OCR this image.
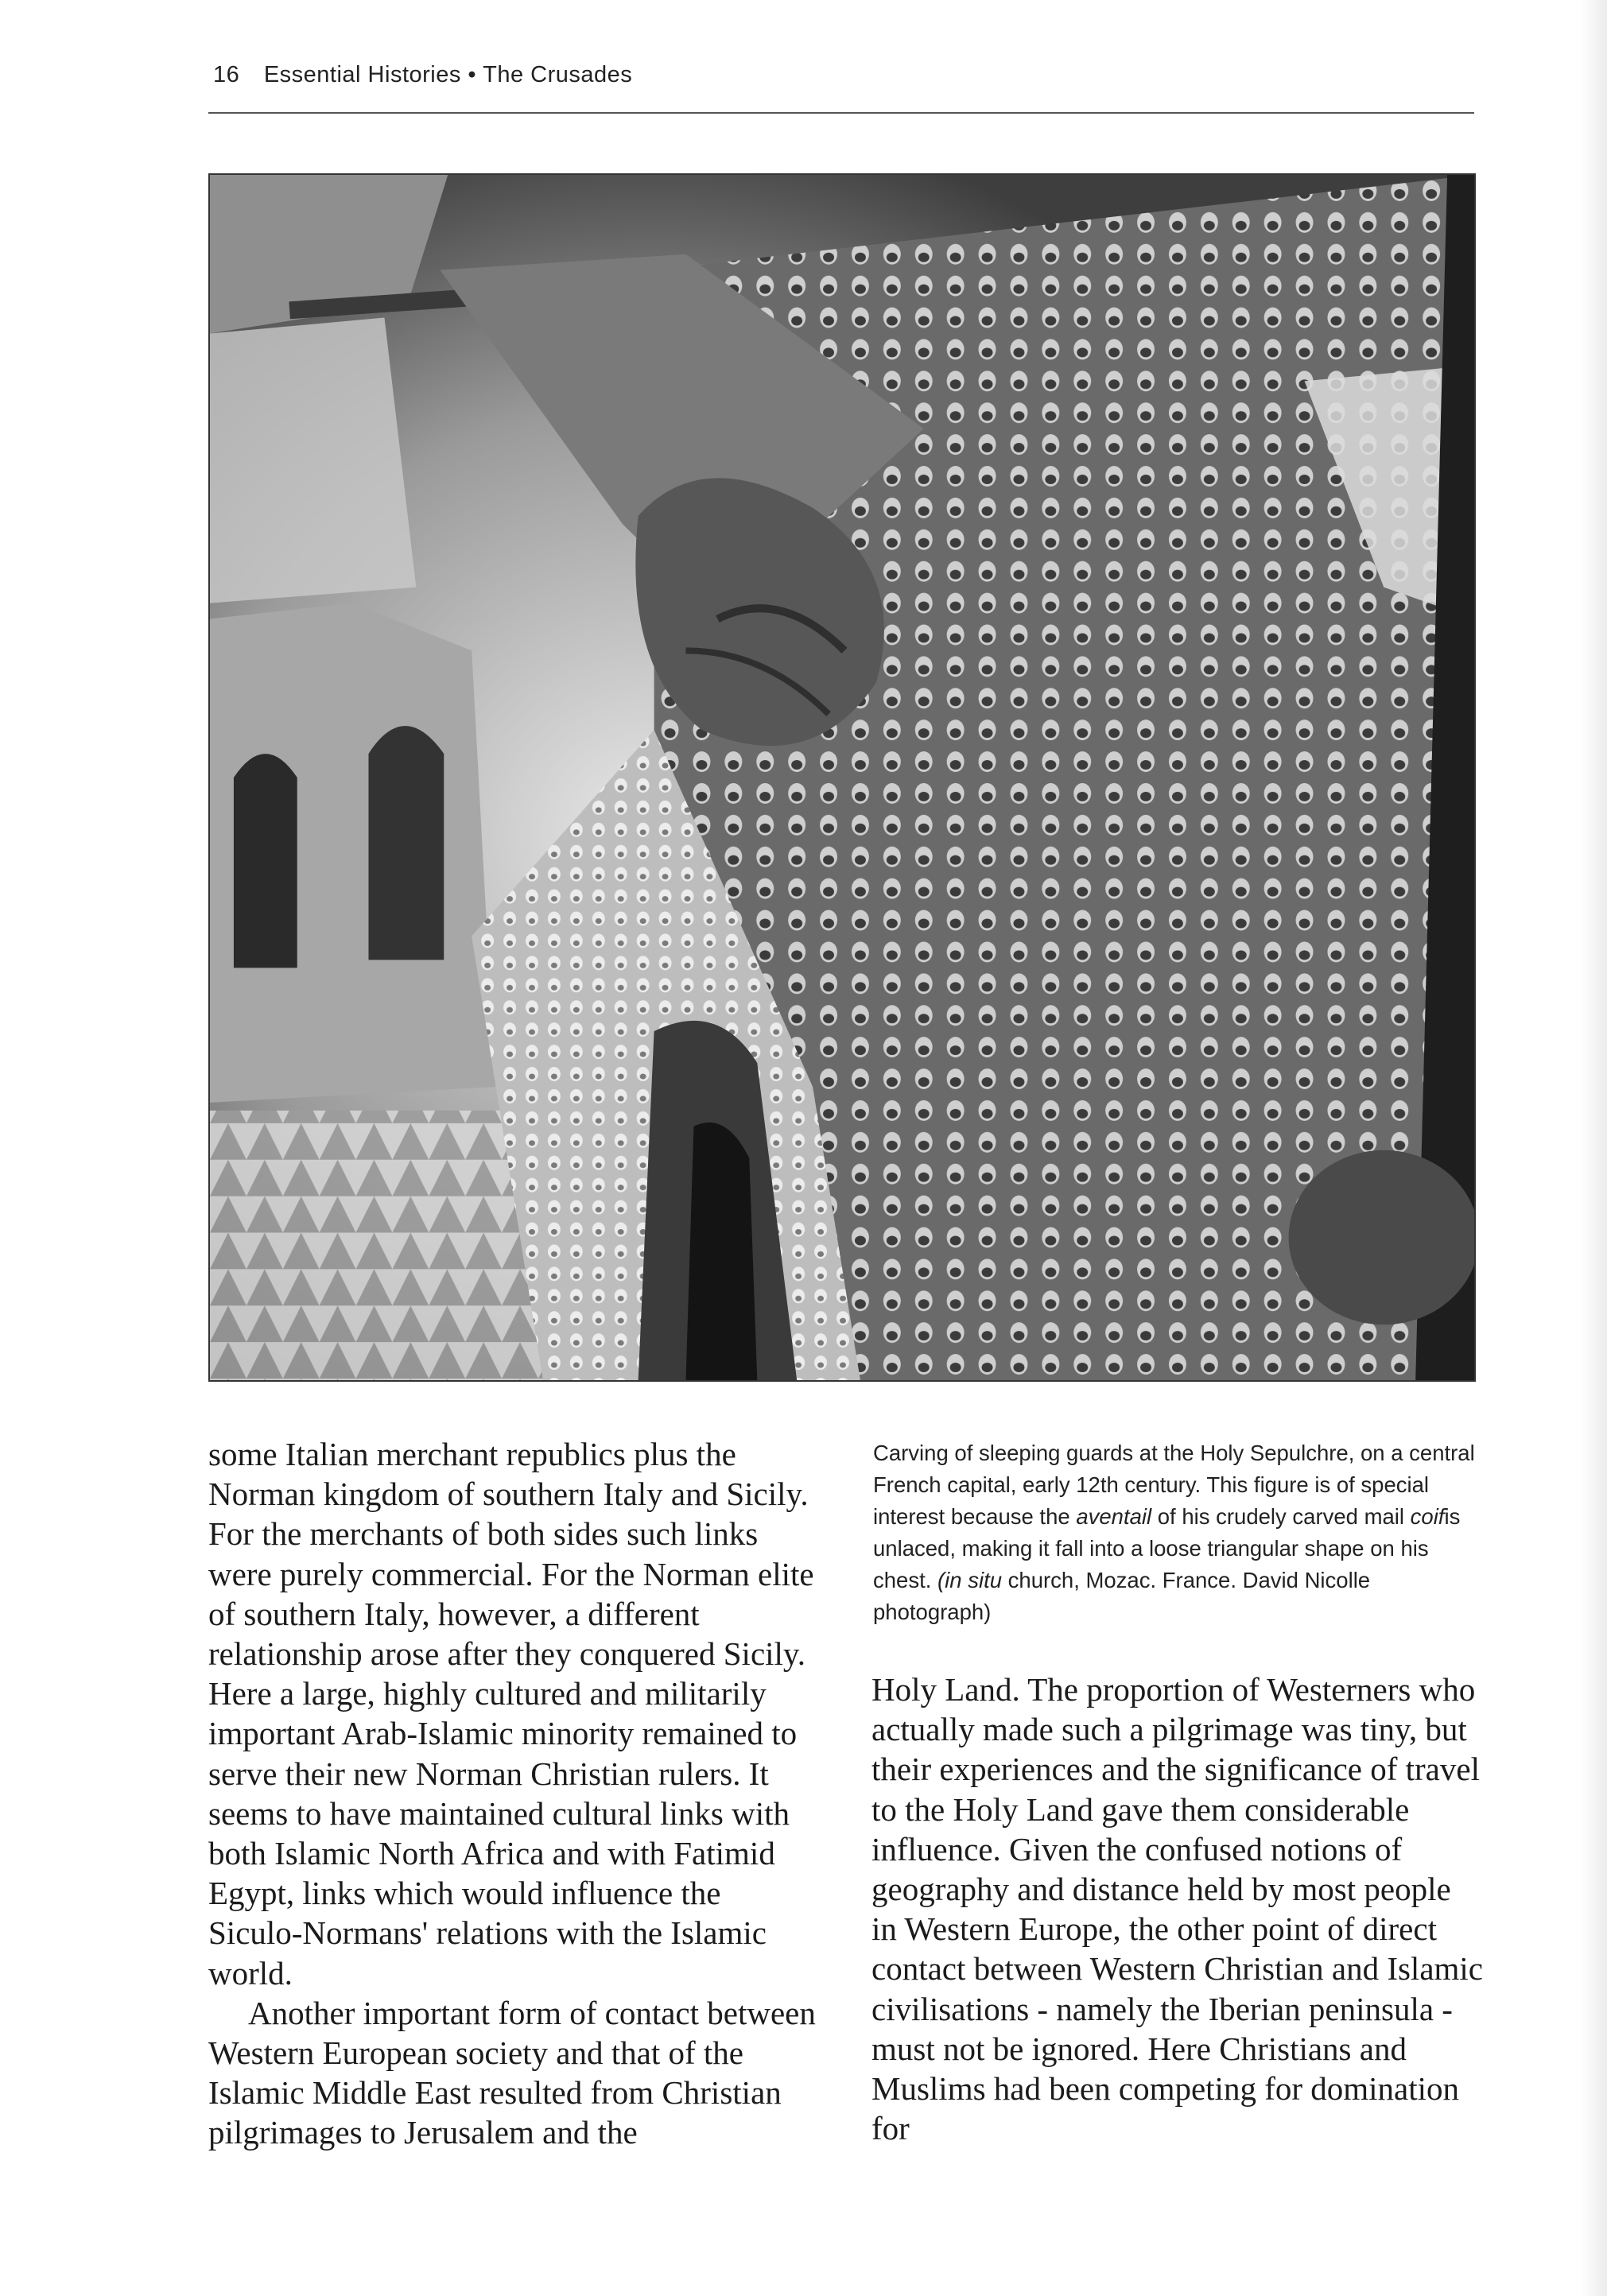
16 Essential Histories • The Crusades

some Italian merchant republics plus the Norman kingdom of southern Italy and Sicily. For the merchants of both sides such links were purely commercial. For the Norman elite of southern Italy, however, a different relationship arose after they conquered Sicily. Here a large, highly cultured and militarily important Arab-Islamic minority remained to serve their new Norman Christian rulers. It seems to have maintained cultural links with both Islamic North Africa and with Fatimid Egypt, links which would influence the Siculo-Normans' relations with the Islamic world.

Another important form of contact between Western European society and that of the Islamic Middle East resulted from Christian pilgrimages to Jerusalem and the

Carving of sleeping guards at the Holy Sepulchre, on a central French capital, early 12th century. This figure is of special interest because the aventail of his crudely carved mail coifis unlaced, making it fall into a loose triangular shape on his chest. (in situ church, Mozac. France. David Nicolle photograph)

Holy Land. The proportion of Westerners who actually made such a pilgrimage was tiny, but their experiences and the significance of travel to the Holy Land gave them considerable influence. Given the confused notions of geography and distance held by most people in Western Europe, the other point of direct contact between Western Christian and Islamic civilisations - namely the Iberian peninsula - must not be ignored. Here Christians and Muslims had been competing for domination for
